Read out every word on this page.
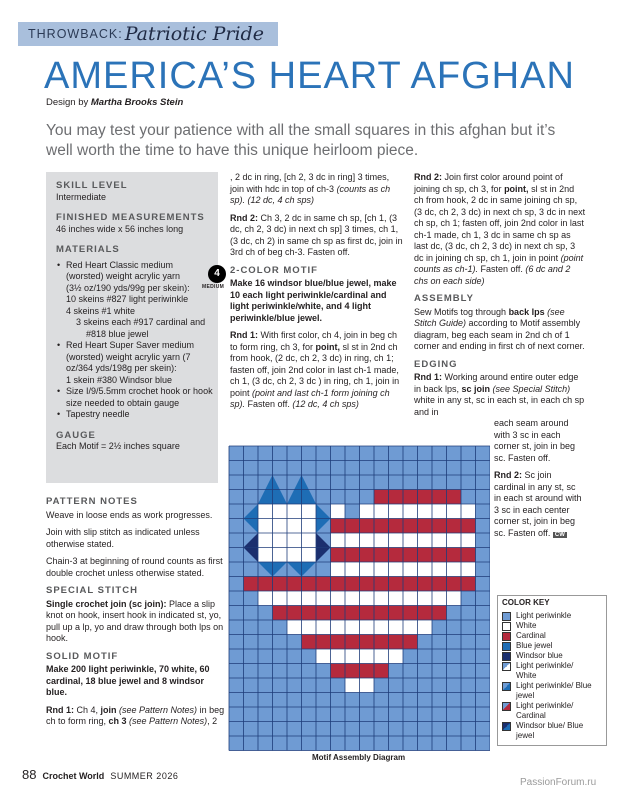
THROWBACK: Patriotic Pride
AMERICA’S HEART AFGHAN
Design by Martha Brooks Stein
You may test your patience with all the small squares in this afghan but it’s well worth the time to have this unique heirloom piece.
SKILL LEVEL
Intermediate
FINISHED MEASUREMENTS
46 inches wide x 56 inches long
MATERIALS
• Red Heart Classic medium (worsted) weight acrylic yarn (3½ oz/190 yds/99g per skein):
10 skeins #827 light periwinkle
4 skeins #1 white
3 skeins each #917 cardinal and #818 blue jewel
• Red Heart Super Saver medium (worsted) weight acrylic yarn (7 oz/364 yds/198g per skein):
1 skein #380 Windsor blue
• Size I/9/5.5mm crochet hook or hook size needed to obtain gauge
• Tapestry needle
GAUGE
Each Motif = 2½ inches square
4
MEDIUM
PATTERN NOTES

Weave in loose ends as work progresses.

Join with slip stitch as indicated unless otherwise stated.

Chain-3 at beginning of round counts as first double crochet unless otherwise stated.

SPECIAL STITCH

Single crochet join (sc join): Place a slip knot on hook, insert hook in indicated st, yo, pull up a lp, yo and draw through both lps on hook.

SOLID MOTIF

Make 200 light periwinkle, 70 white, 60 cardinal, 18 blue jewel and 8 windsor blue.

Rnd 1: Ch 4, join (see Pattern Notes) in beg ch to form ring, ch 3 (see Pattern Notes), 2

, 2 dc in ring, [ch 2, 3 dc in ring] 3 times, join with hdc in top of ch-3 (counts as ch sp). (12 dc, 4 ch sps)

Rnd 2: Ch 3, 2 dc in same ch sp, [ch 1, (3 dc, ch 2, 3 dc) in next ch sp] 3 times, ch 1, (3 dc, ch 2) in same ch sp as first dc, join in 3rd ch of beg ch-3. Fasten off.

2-COLOR MOTIF

Make 16 windsor blue/blue jewel, make 10 each light periwinkle/cardinal and light periwinkle/white, and 4 light periwinkle/blue jewel.

Rnd 1: With first color, ch 4, join in beg ch to form ring, ch 3, for point, sl st in 2nd ch from hook, (2 dc, ch 2, 3 dc) in ring, ch 1; fasten off, join 2nd color in last ch-1 made, ch 1, (3 dc, ch 2, 3 dc ) in ring, ch 1, join in point (point and last ch-1 form joining ch sp). Fasten off. (12 dc, 4 ch sps)

Rnd 2: Join first color around point of joining ch sp, ch 3, for point, sl st in 2nd ch from hook, 2 dc in same joining ch sp, (3 dc, ch 2, 3 dc) in next ch sp, 3 dc in next ch sp, ch 1; fasten off, join 2nd color in last ch-1 made, ch 1, 3 dc in same ch sp as last dc, (3 dc, ch 2, 3 dc) in next ch sp, 3 dc in joining ch sp, ch 1, join in point (point counts as ch-1). Fasten off. (6 dc and 2 chs on each side)

ASSEMBLY

Sew Motifs tog through back lps (see Stitch Guide) according to Motif assembly diagram, beg each seam in 2nd ch of 1 corner and ending in first ch of next corner.

EDGING

Rnd 1: Working around entire outer edge in back lps, sc join (see Special Stitch) white in any st, sc in each st, in each ch sp and in

each seam around with 3 sc in each corner st, join in beg sc. Fasten off.

Rnd 2: Sc join cardinal in any st, sc in each st around with 3 sc in each center corner st, join in beg sc. Fasten off. CW

Motif Assembly Diagram
COLOR KEY
Light periwinkle
White
Cardinal
Blue jewel
Windsor blue
Light periwinkle/ White
Light periwinkle/ Blue jewel
Light periwinkle/ Cardinal
Windsor blue/ Blue jewel
88 Crochet World SUMMER 2026
PassionForum.ru
